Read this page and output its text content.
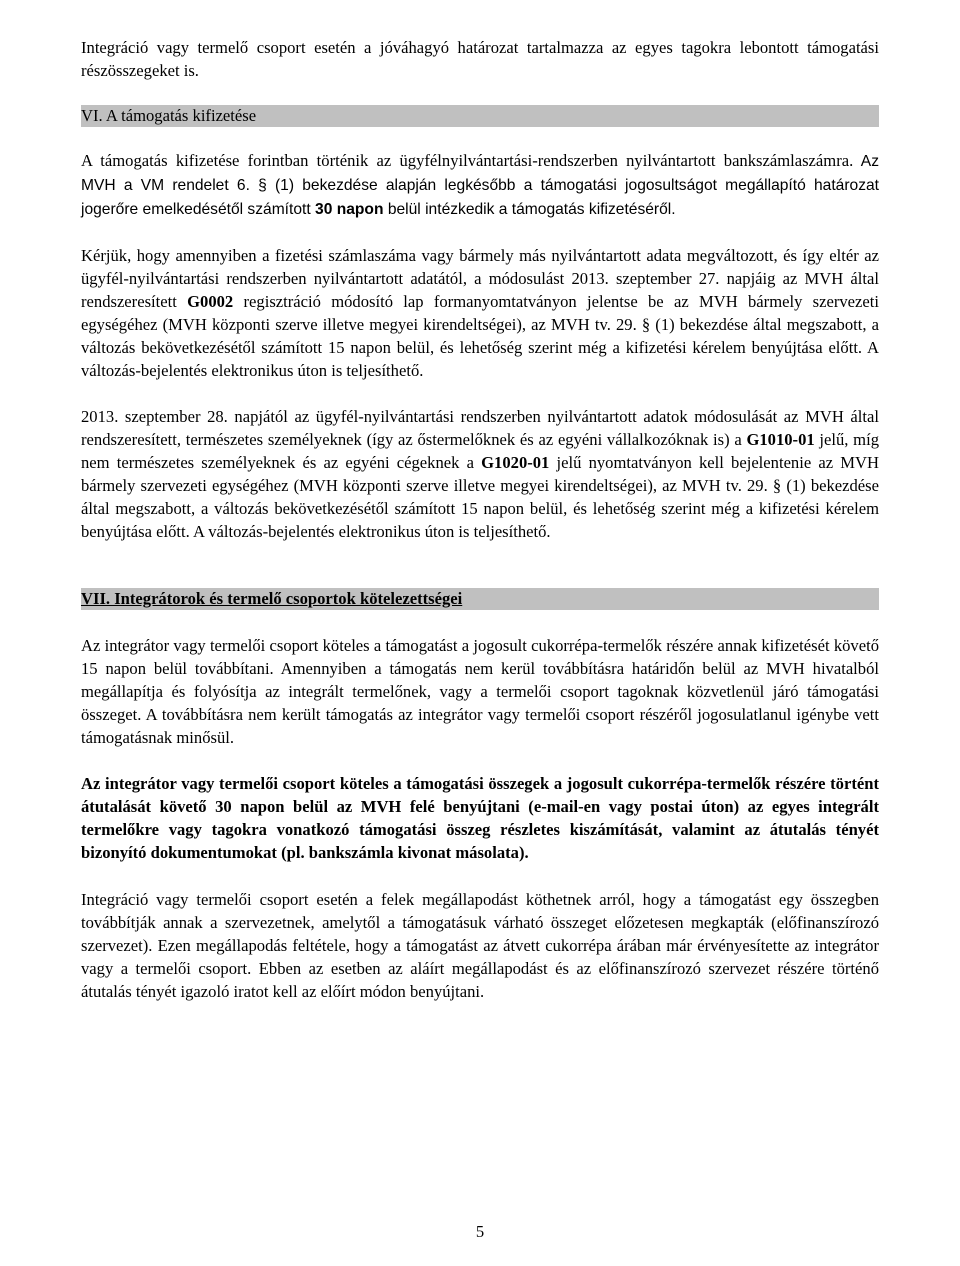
Integráció vagy termelő csoport esetén a jóváhagyó határozat tartalmazza az egyes tagokra lebontott támogatási részösszegeket is.

VI. A támogatás kifizetése

A támogatás kifizetése forintban történik az ügyfélnyilvántartási-rendszerben nyilvántartott bankszámlaszámra. Az MVH a VM rendelet 6. § (1) bekezdése alapján legkésőbb a támogatási jogosultságot megállapító határozat jogerőre emelkedésétől számított 30 napon belül intézkedik a támogatás kifizetéséről.

Kérjük, hogy amennyiben a fizetési számlaszáma vagy bármely más nyilvántartott adata megváltozott, és így eltér az ügyfél-nyilvántartási rendszerben nyilvántartott adatától, a módosulást 2013. szeptember 27. napjáig az MVH által rendszeresített G0002 regisztráció módosító lap formanyomtatványon jelentse be az MVH bármely szervezeti egységéhez (MVH központi szerve illetve megyei kirendeltségei), az MVH tv. 29. § (1) bekezdése által megszabott, a változás bekövetkezésétől számított 15 napon belül, és lehetőség szerint még a kifizetési kérelem benyújtása előtt. A változás-bejelentés elektronikus úton is teljesíthető.

2013. szeptember 28. napjától az ügyfél-nyilvántartási rendszerben nyilvántartott adatok módosulását az MVH által rendszeresített, természetes személyeknek (így az őstermelőknek és az egyéni vállalkozóknak is) a G1010-01 jelű, míg nem természetes személyeknek és az egyéni cégeknek a G1020-01 jelű nyomtatványon kell bejelentenie az MVH bármely szervezeti egységéhez (MVH központi szerve illetve megyei kirendeltségei), az MVH tv. 29. § (1) bekezdése által megszabott, a változás bekövetkezésétől számított 15 napon belül, és lehetőség szerint még a kifizetési kérelem benyújtása előtt. A változás-bejelentés elektronikus úton is teljesíthető.

VII. Integrátorok és termelő csoportok kötelezettségei

Az integrátor vagy termelői csoport köteles a támogatást a jogosult cukorrépa-termelők részére annak kifizetését követő 15 napon belül továbbítani. Amennyiben a támogatás nem kerül továbbításra határidőn belül az MVH hivatalból megállapítja és folyósítja az integrált termelőnek, vagy a termelői csoport tagoknak közvetlenül járó támogatási összeget. A továbbításra nem került támogatás az integrátor vagy termelői csoport részéről jogosulatlanul igénybe vett támogatásnak minősül.

Az integrátor vagy termelői csoport köteles a támogatási összegek a jogosult cukorrépa-termelők részére történt átutalását követő 30 napon belül az MVH felé benyújtani (e-mail-en vagy postai úton) az egyes integrált termelőkre vagy tagokra vonatkozó támogatási összeg részletes kiszámítását, valamint az átutalás tényét bizonyító dokumentumokat (pl. bankszámla kivonat másolata).

Integráció vagy termelői csoport esetén a felek megállapodást köthetnek arról, hogy a támogatást egy összegben továbbítják annak a szervezetnek, amelytől a támogatásuk várható összeget előzetesen megkapták (előfinanszírozó szervezet). Ezen megállapodás feltétele, hogy a támogatást az átvett cukorrépa árában már érvényesítette az integrátor vagy a termelői csoport. Ebben az esetben az aláírt megállapodást és az előfinanszírozó szervezet részére történő átutalás tényét igazoló iratot kell az előírt módon benyújtani.

5
